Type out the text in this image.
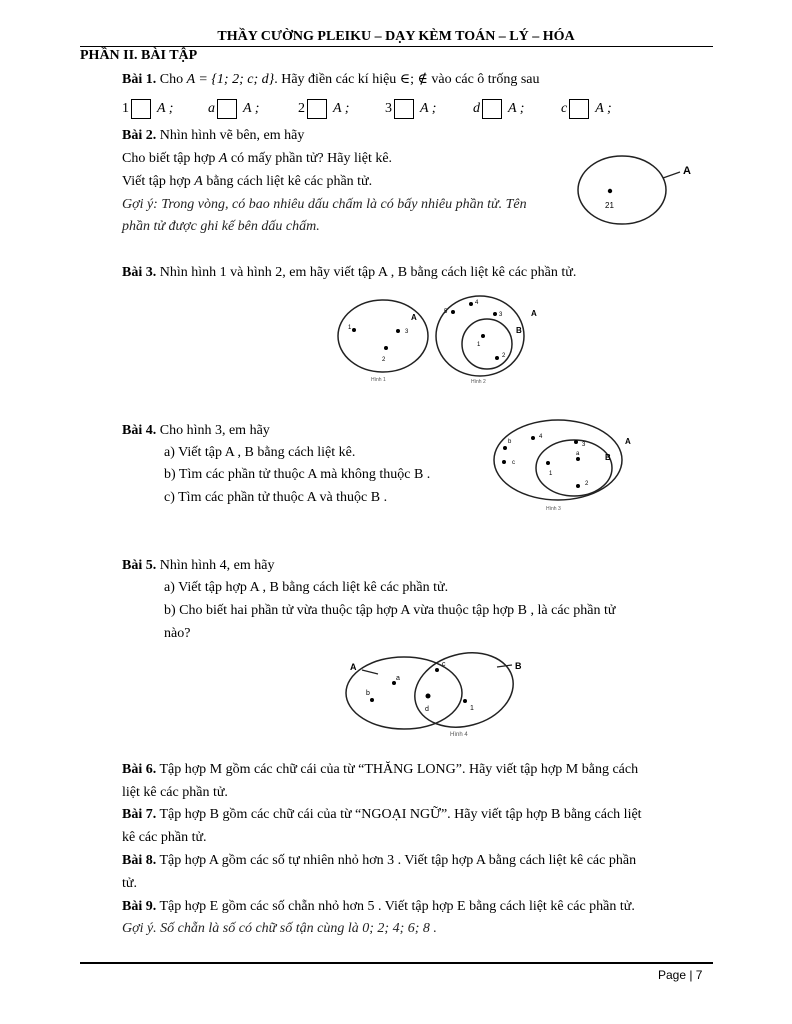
THẦY CƯỜNG PLEIKU – DẠY KÈM TOÁN – LÝ – HÓA
PHẦN II. BÀI TẬP
Bài 1. Cho A = {1; 2; c; d}. Hãy điền các kí hiệu ∈; ∉ vào các ô trống sau
1 A ; a A ;	2 A ;	3 A ;	d A ;	c A ;
Bài 2. Nhìn hình vẽ bên, em hãy
Cho biết tập hợp A có mấy phần tử? Hãy liệt kê.
Viết tập hợp A bằng cách liệt kê các phần tử.
Gợi ý: Trong vòng, có bao nhiêu dấu chấm là có bấy nhiêu phần tử. Tên
phần tử được ghi kế bên dấu chấm.
A
21
Bài 3. Nhìn hình 1 và hình 2, em hãy viết tập A , B bằng cách liệt kê các phần tử.
A
1
3
2
Hình 1
A
B
5
4
3
1
2
Hình 2
Bài 4. Cho hình 3, em hãy
a) Viết tập A , B bằng cách liệt kê.
b) Tìm các phần tử thuộc A mà không thuộc B .
c) Tìm các phần tử thuộc A và thuộc B .
A
B
b
4
3
c
a
1
2
Hình 3
Bài 5. Nhìn hình 4, em hãy
a) Viết tập hợp A , B bằng cách liệt kê các phần tử.
b) Cho biết hai phần tử vừa thuộc tập hợp A vừa thuộc tập hợp B , là các phần tử
nào?
A	B
b
a
c
d	1
Hình 4
Bài 6. Tập hợp M gồm các chữ cái của từ “THĂNG LONG”. Hãy viết tập hợp M bằng cách
liệt kê các phần tử.
Bài 7. Tập hợp B gồm các chữ cái của từ “NGOẠI NGỮ”. Hãy viết tập hợp B bằng cách liệt
kê các phần tử.
Bài 8. Tập hợp A gồm các số tự nhiên nhỏ hơn 3 . Viết tập hợp A bằng cách liệt kê các phần
tử.
Bài 9. Tập hợp E gồm các số chẵn nhỏ hơn 5 . Viết tập hợp E bằng cách liệt kê các phần tử.
Gợi ý. Số chẵn là số có chữ số tận cùng là 0; 2; 4; 6; 8 .
Page | 7
